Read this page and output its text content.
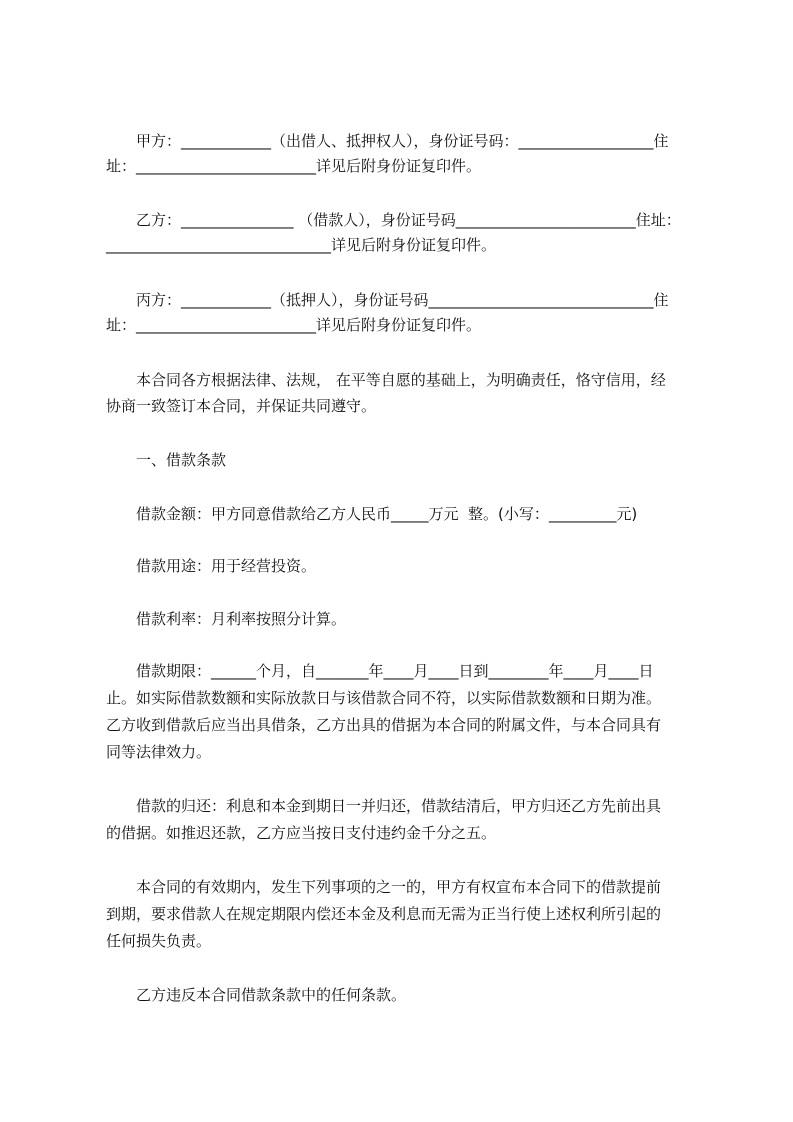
甲方：____________（出借人、抵押权人），身份证号码：__________________住

址：________________________详见后附身份证复印件。

乙方：_______________ （借款人），身份证号码________________________住址：

______________________________详见后附身份证复印件。

丙方：____________（抵押人），身份证号码______________________________住

址：________________________详见后附身份证复印件。

本合同各方根据法律、法规， 在平等自愿的基础上，为明确责任，恪守信用，经

协商一致签订本合同，并保证共同遵守。

一、借款条款

借款金额：甲方同意借款给乙方人民币_____万元  整。(小写：_________元)

借款用途：用于经营投资。

借款利率：月利率按照分计算。

借款期限：______个月，自_______年____月____日到________年____月____日

止。如实际借款数额和实际放款日与该借款合同不符，以实际借款数额和日期为准。

乙方收到借款后应当出具借条，乙方出具的借据为本合同的附属文件，与本合同具有

同等法律效力。

借款的归还：利息和本金到期日一并归还，借款结清后，甲方归还乙方先前出具

的借据。如推迟还款，乙方应当按日支付违约金千分之五。

本合同的有效期内，发生下列事项的之一的，甲方有权宣布本合同下的借款提前

到期，要求借款人在规定期限内偿还本金及利息而无需为正当行使上述权利所引起的

任何损失负责。

乙方违反本合同借款条款中的任何条款。
